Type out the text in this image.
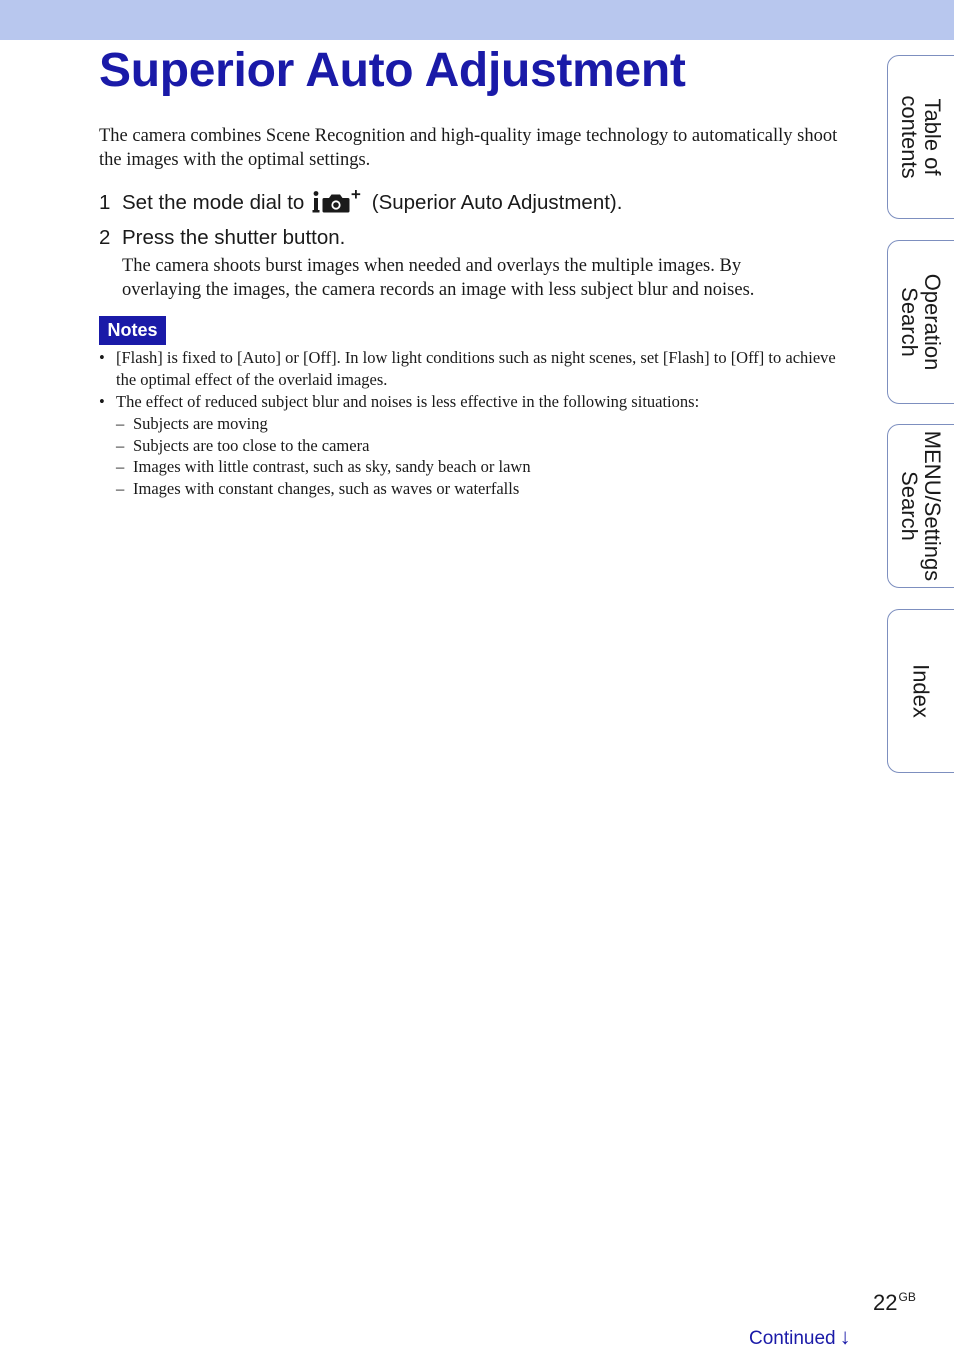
Superior Auto Adjustment

The camera combines Scene Recognition and high-quality image technology to automatically shoot the images with the optimal settings.

1 Set the mode dial to	(Superior Auto Adjustment).
2 Press the shutter button.

The camera shoots burst images when needed and overlays the multiple images. By overlaying the images, the camera records an image with less subject blur and noises.

Notes
• [Flash] is fixed to [Auto] or [Off]. In low light conditions such as night scenes, set [Flash] to [Off] to achieve the optimal effect of the overlaid images.
• The effect of reduced subject blur and noises is less effective in the following situations:
– Subjects are moving
– Subjects are too close to the camera
– Images with little contrast, such as sky, sandy beach or lawn
– Images with constant changes, such as waves or waterfalls
Table of
contents
Operation
Search
MENU/Settings
Search
Index
$22^{GB}$
Continued ↓
